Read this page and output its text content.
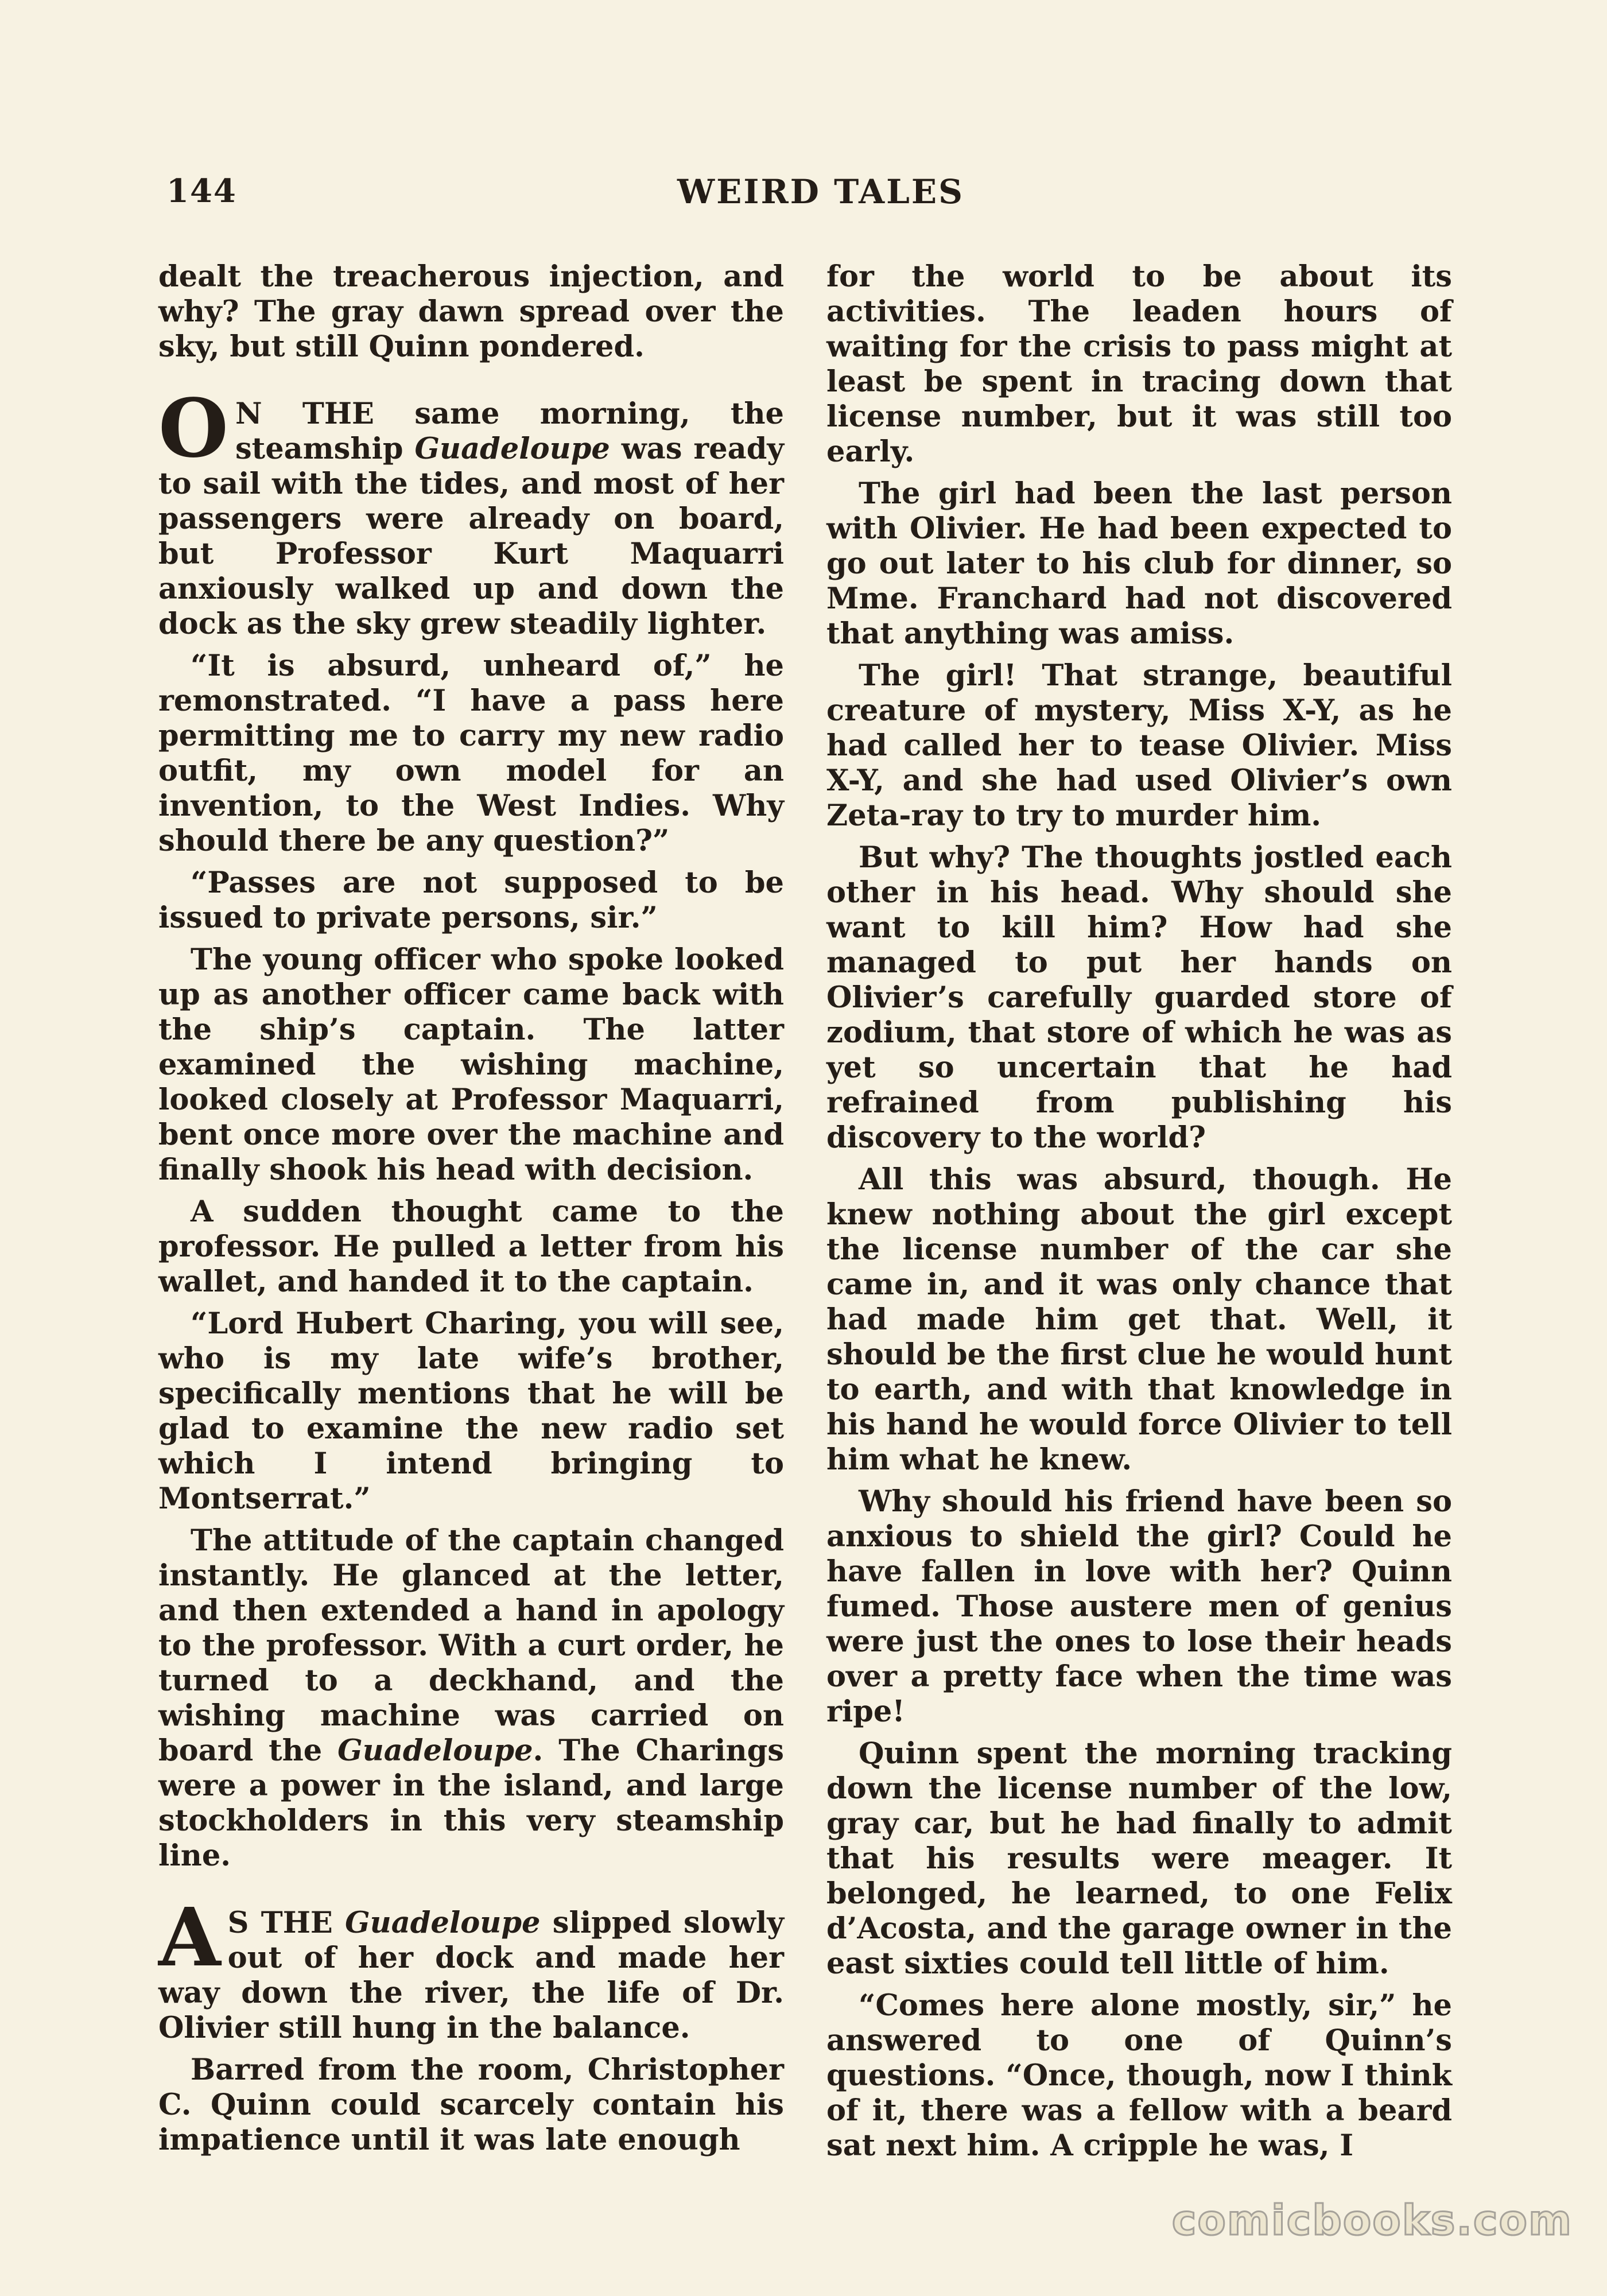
144	WEIRD TALES

dealt the treacherous injection, and why? The gray dawn spread over the sky, but still Quinn pondered.

O N THE same morning, the steamship Guadeloupe was ready to sail with the tides, and most of her passengers were already on board, but Professor Kurt Maquarri anxiously walked up and down the dock as the sky grew steadily lighter.

“It is absurd, unheard of,” he remonstrated. “I have a pass here permitting me to carry my new radio outfit, my own model for an invention, to the West Indies. Why should there be any question?”

“Passes are not supposed to be issued to private persons, sir.”

The young officer who spoke looked up as another officer came back with the ship’s captain. The latter examined the wishing machine, looked closely at Professor Maquarri, bent once more over the machine and finally shook his head with decision.

A sudden thought came to the professor. He pulled a letter from his wallet, and handed it to the captain.

“Lord Hubert Charing, you will see, who is my late wife’s brother, specifically mentions that he will be glad to examine the new radio set which I intend bringing to Montserrat.”

The attitude of the captain changed instantly. He glanced at the letter, and then extended a hand in apology to the professor. With a curt order, he turned to a deckhand, and the wishing machine was carried on board the Guadeloupe. The Charings were a power in the island, and large stockholders in this very steamship line.

A S THE Guadeloupe slipped slowly out of her dock and made her way down the river, the life of Dr. Olivier still hung in the balance.

Barred from the room, Christopher C. Quinn could scarcely contain his impatience until it was late enough

for the world to be about its activities. The leaden hours of waiting for the crisis to pass might at least be spent in tracing down that license number, but it was still too early.

The girl had been the last person with Olivier. He had been expected to go out later to his club for dinner, so Mme. Franchard had not discovered that anything was amiss.

The girl! That strange, beautiful creature of mystery, Miss X-Y, as he had called her to tease Olivier. Miss X-Y, and she had used Olivier’s own Zeta-ray to try to murder him.

But why? The thoughts jostled each other in his head. Why should she want to kill him? How had she managed to put her hands on Olivier’s carefully guarded store of zodium, that store of which he was as yet so uncertain that he had refrained from publishing his discovery to the world?

All this was absurd, though. He knew nothing about the girl except the license number of the car she came in, and it was only chance that had made him get that. Well, it should be the first clue he would hunt to earth, and with that knowledge in his hand he would force Olivier to tell him what he knew.

Why should his friend have been so anxious to shield the girl? Could he have fallen in love with her? Quinn fumed. Those austere men of genius were just the ones to lose their heads over a pretty face when the time was ripe!

Quinn spent the morning tracking down the license number of the low, gray car, but he had finally to admit that his results were meager. It belonged, he learned, to one Felix d’Acosta, and the garage owner in the east sixties could tell little of him.

“Comes here alone mostly, sir,” he answered to one of Quinn’s questions. “Once, though, now I think of it, there was a fellow with a beard sat next him. A cripple he was, I

comicbooks.com
